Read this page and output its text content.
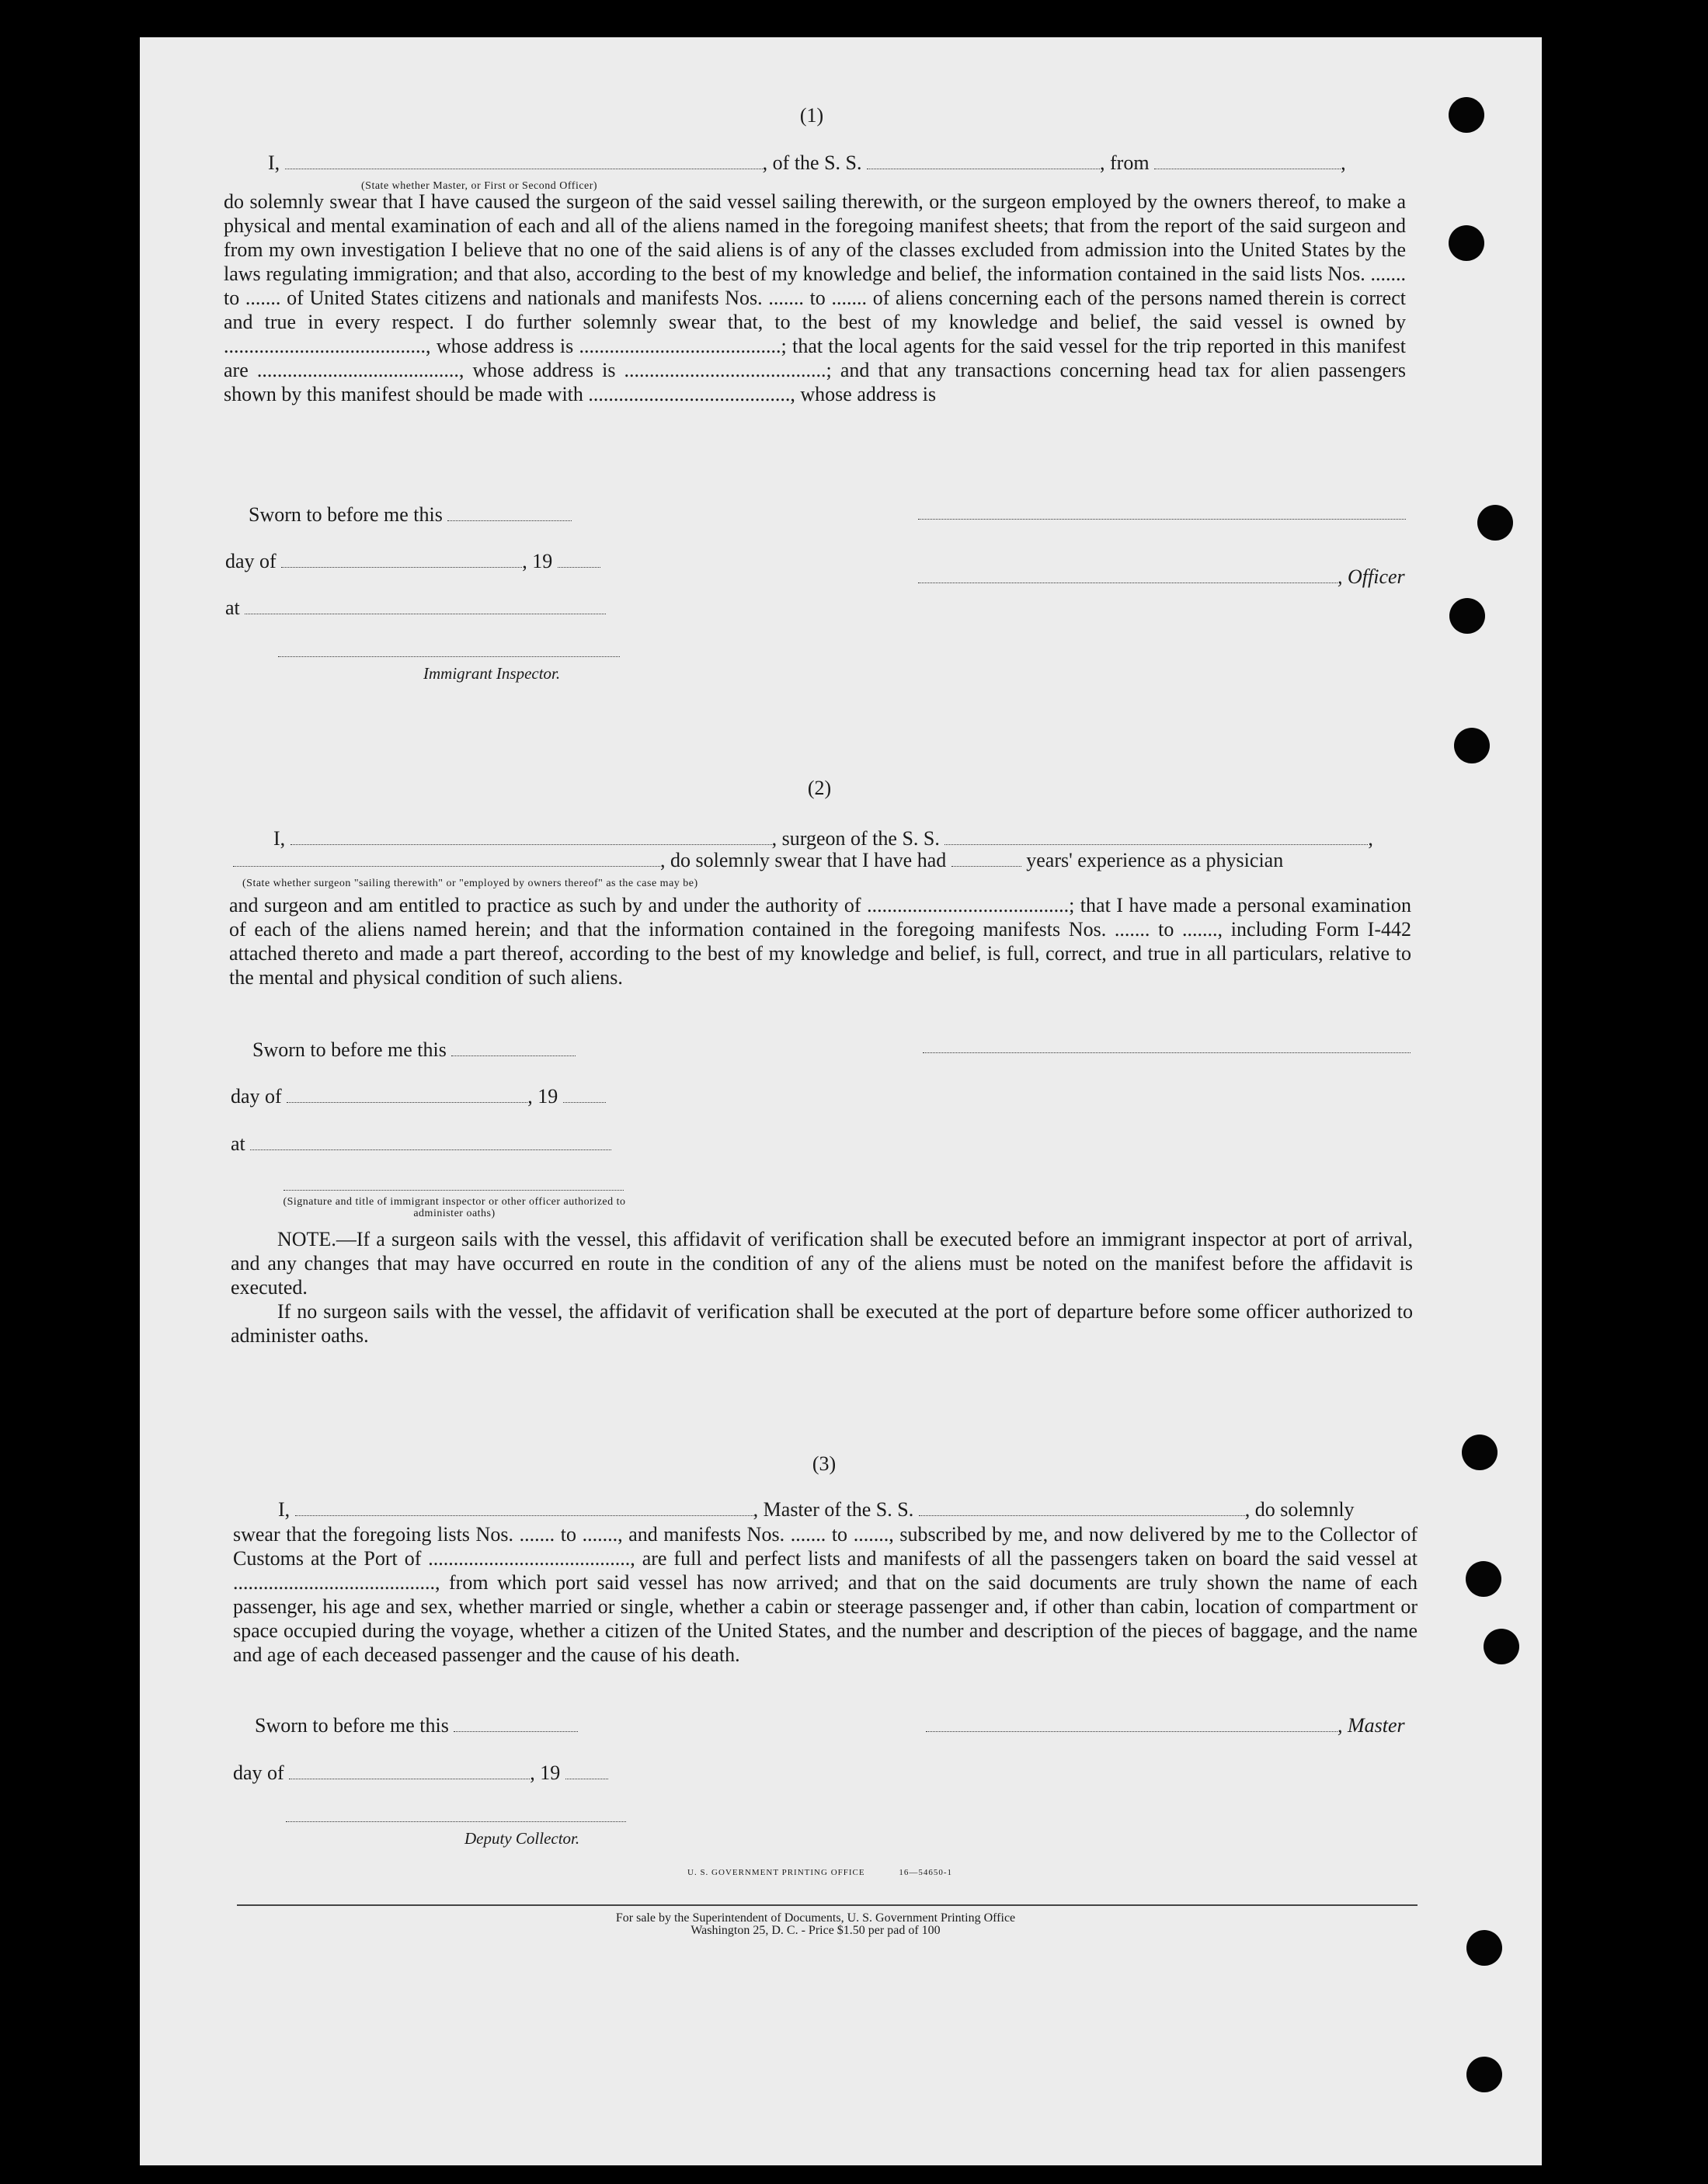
(1)
I,	, of the S. S.	, from	,
(State whether Master, or First or Second Officer)
do solemnly swear that I have caused the surgeon of the said vessel sailing therewith, or the surgeon employed by the owners thereof, to make a physical and mental examination of each and all of the aliens named in the foregoing manifest sheets; that from the report of the said surgeon and from my own investigation I believe that no one of the said aliens is of any of the classes excluded from admission into the United States by the laws regulating immigration; and that also, according to the best of my knowledge and belief, the information contained in the said lists Nos. ....... to ....... of United States citizens and nationals and manifests Nos. ....... to ....... of aliens concerning each of the persons named therein is correct and true in every respect. I do further solemnly swear that, to the best of my knowledge and belief, the said vessel is owned by ........................................, whose address is ........................................; that the local agents for the said vessel for the trip reported in this manifest are ........................................, whose address is ........................................; and that any transactions concerning head tax for alien passengers shown by this manifest should be made with ........................................, whose address is
Sworn to before me this
day of	, 19
, Officer
at
Immigrant Inspector.
(2)
I,	, surgeon of the S. S.	,
, do solemnly swear that I have had	years' experience as a physician
(State whether surgeon "sailing therewith" or "employed by owners thereof" as the case may be)
and surgeon and am entitled to practice as such by and under the authority of ........................................; that I have made a personal examination of each of the aliens named herein; and that the information contained in the foregoing manifests Nos. ....... to ......., including Form I-442 attached thereto and made a part thereof, according to the best of my knowledge and belief, is full, correct, and true in all particulars, relative to the mental and physical condition of such aliens.
Sworn to before me this
day of	, 19
at
(Signature and title of immigrant inspector or other officer authorized to administer oaths)
NOTE.—If a surgeon sails with the vessel, this affidavit of verification shall be executed before an immigrant inspector at port of arrival, and any changes that may have occurred en route in the condition of any of the aliens must be noted on the manifest before the affidavit is executed.
If no surgeon sails with the vessel, the affidavit of verification shall be executed at the port of departure before some officer authorized to administer oaths.
(3)
I,	, Master of the S. S.	, do solemnly
swear that the foregoing lists Nos. ....... to ......., and manifests Nos. ....... to ......., subscribed by me, and now delivered by me to the Collector of Customs at the Port of ........................................, are full and perfect lists and manifests of all the passengers taken on board the said vessel at ........................................, from which port said vessel has now arrived; and that on the said documents are truly shown the name of each passenger, his age and sex, whether married or single, whether a cabin or steerage passenger and, if other than cabin, location of compartment or space occupied during the voyage, whether a citizen of the United States, and the number and description of the pieces of baggage, and the name and age of each deceased passenger and the cause of his death.
Sworn to before me this	, Master
day of	, 19
Deputy Collector.
U. S. GOVERNMENT PRINTING OFFICE	16—54650-1
For sale by the Superintendent of Documents, U. S. Government Printing Office
Washington 25, D. C. - Price $1.50 per pad of 100
